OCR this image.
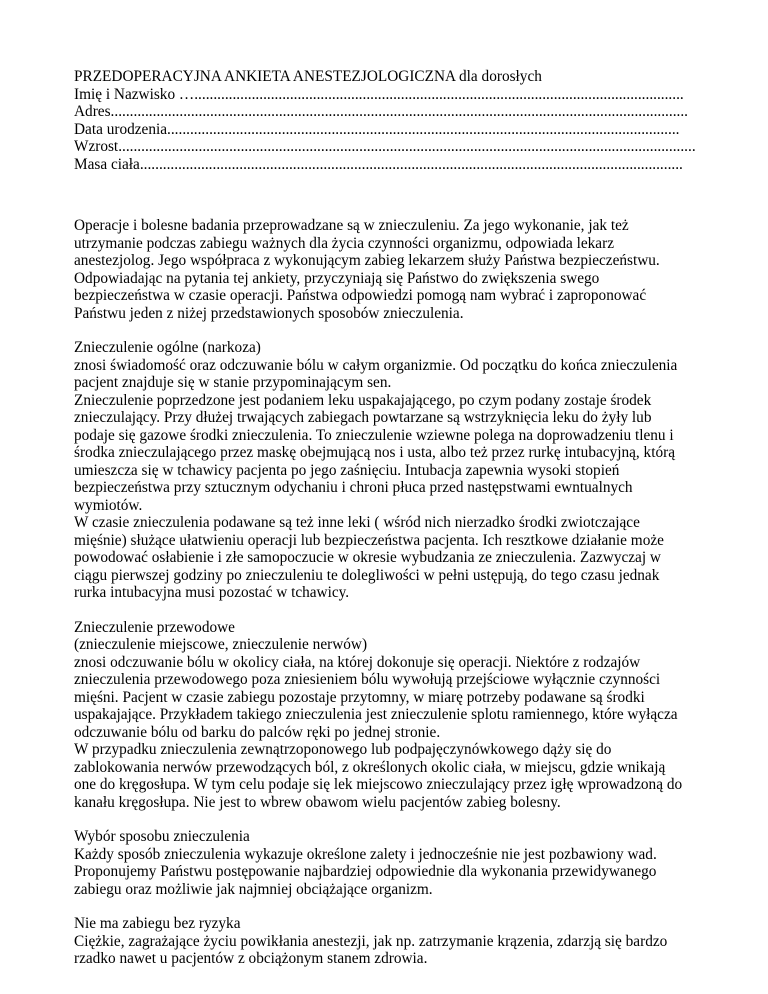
PRZEDOPERACYJNA ANKIETA ANESTEZJOLOGICZNA dla dorosłych
Imię i Nazwisko …................................................................................................................................
Adres.......................................................................................................................................................
Data urodzenia......................................................................................................................................
Wzrost.......................................................................................................................................................
Masa ciała..............................................................................................................................................
Operacje i bolesne badania przeprowadzane są w znieczuleniu. Za jego wykonanie, jak też
utrzymanie podczas zabiegu ważnych dla życia czynności organizmu, odpowiada lekarz
anestezjolog. Jego współpraca z wykonującym zabieg lekarzem służy Państwa bezpieczeństwu.
Odpowiadając na pytania tej ankiety, przyczyniają się Państwo do zwiększenia swego
bezpieczeństwa w czasie operacji. Państwa odpowiedzi pomogą nam wybrać i zaproponować
Państwu jeden z niżej przedstawionych sposobów znieczulenia.
Znieczulenie ogólne (narkoza)
znosi świadomość oraz odczuwanie bólu w całym organizmie. Od początku do końca znieczulenia
pacjent znajduje się w stanie przypominającym sen.
Znieczulenie poprzedzone jest podaniem leku uspakajającego, po czym podany zostaje środek
znieczulający. Przy dłużej trwających zabiegach powtarzane są wstrzyknięcia leku do żyły lub
podaje się gazowe środki znieczulenia. To znieczulenie wziewne polega na doprowadzeniu tlenu i
środka znieczulającego przez maskę obejmującą nos i usta, albo też przez rurkę intubacyjną, którą
umieszcza się w tchawicy pacjenta po jego zaśnięciu. Intubacja zapewnia wysoki stopień
bezpieczeństwa przy sztucznym odychaniu i chroni płuca przed następstwami ewntualnych
wymiotów.
W czasie znieczulenia podawane są też inne leki ( wśród nich nierzadko środki zwiotczające
mięśnie) służące ułatwieniu operacji lub bezpieczeństwa pacjenta. Ich resztkowe działanie może
powodować osłabienie i złe samopoczucie w okresie wybudzania ze znieczulenia. Zazwyczaj w
ciągu pierwszej godziny po znieczuleniu te dolegliwości w pełni ustępują, do tego czasu jednak
rurka intubacyjna musi pozostać w tchawicy.
Znieczulenie przewodowe
(znieczulenie miejscowe, znieczulenie nerwów)
znosi odczuwanie bólu w okolicy ciała, na której dokonuje się operacji. Niektóre z rodzajów
znieczulenia przewodowego poza zniesieniem bólu wywołują przejściowe wyłącznie czynności
mięśni. Pacjent w czasie zabiegu pozostaje przytomny, w miarę potrzeby podawane są środki
uspakajające. Przykładem takiego znieczulenia jest znieczulenie splotu ramiennego, które wyłącza
odczuwanie bólu od barku do palców ręki po jednej stronie.
W przypadku znieczulenia zewnątrzoponowego lub podpajęczynówkowego dąży się do
zablokowania nerwów przewodzących ból, z określonych okolic ciała, w miejscu, gdzie wnikają
one do kręgosłupa. W tym celu podaje się lek miejscowo znieczulający przez igłę wprowadzoną do
kanału kręgosłupa. Nie jest to wbrew obawom wielu pacjentów zabieg bolesny.
Wybór sposobu znieczulenia
Każdy sposób znieczulenia wykazuje określone zalety i jednocześnie nie jest pozbawiony wad.
Proponujemy Państwu postępowanie najbardziej odpowiednie dla wykonania przewidywanego
zabiegu oraz możliwie jak najmniej obciążające organizm.
Nie ma zabiegu bez ryzyka
Ciężkie, zagrażające życiu powikłania anestezji, jak np. zatrzymanie krązenia, zdarzją się bardzo
rzadko nawet u pacjentów z obciążonym stanem zdrowia.
